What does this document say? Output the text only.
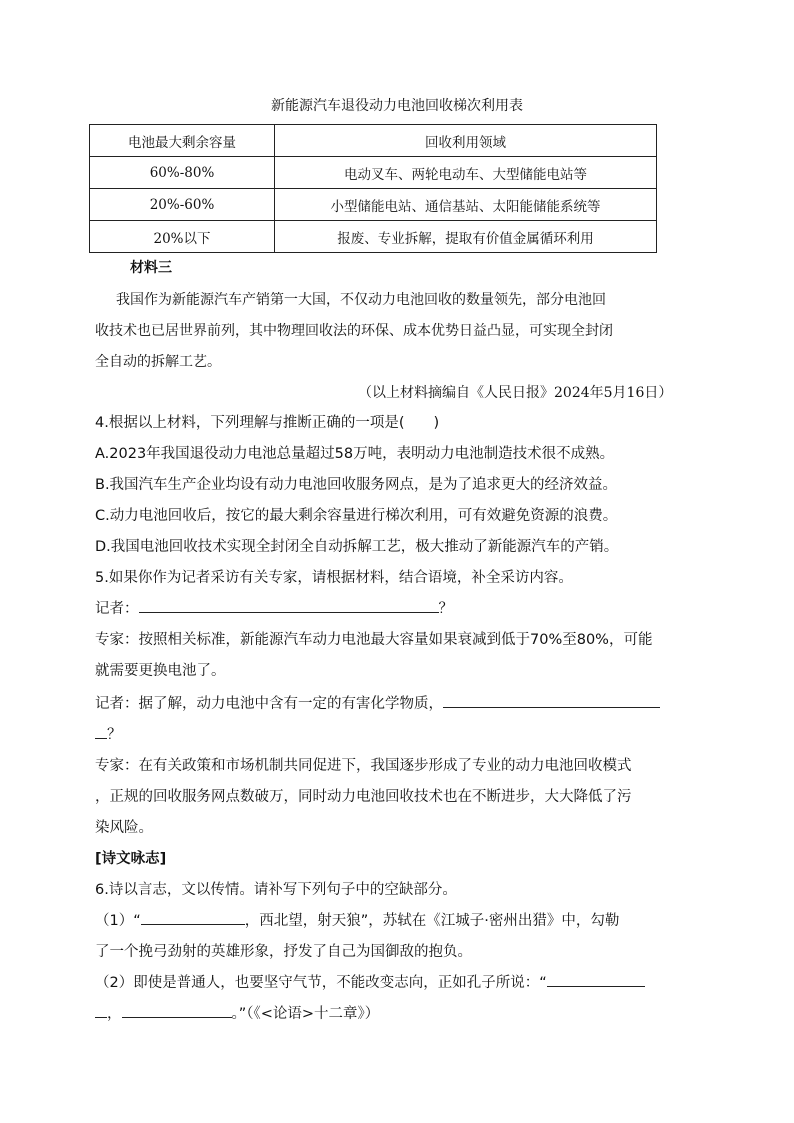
新能源汽车退役动力电池回收梯次利用表
电池最大剩余容量	回收利用领域
60%-80%	电动叉车、两轮电动车、大型储能电站等
20%-60%	小型储能电站、通信基站、太阳能储能系统等
20%以下	报废、专业拆解，提取有价值金属循环利用
材料三
我国作为新能源汽车产销第一大国，不仅动力电池回收的数量领先，部分电池回
收技术也已居世界前列，其中物理回收法的环保、成本优势日益凸显，可实现全封闭
全自动的拆解工艺。
（以上材料摘编自《人民日报》2024年5月16日）
4.根据以上材料，下列理解与推断正确的一项是(　　)
A.2023年我国退役动力电池总量超过58万吨，表明动力电池制造技术很不成熟。
B.我国汽车生产企业均设有动力电池回收服务网点，是为了追求更大的经济效益。
C.动力电池回收后，按它的最大剩余容量进行梯次利用，可有效避免资源的浪费。
D.我国电池回收技术实现全封闭全自动拆解工艺，极大推动了新能源汽车的产销。
5.如果你作为记者采访有关专家，请根据材料，结合语境，补全采访内容。
记者：	？
专家：按照相关标准，新能源汽车动力电池最大容量如果衰减到低于70%至80%，可能
就需要更换电池了。
记者：据了解，动力电池中含有一定的有害化学物质，
？
专家：在有关政策和市场机制共同促进下，我国逐步形成了专业的动力电池回收模式
，正规的回收服务网点数破万，同时动力电池回收技术也在不断进步，大大降低了污
染风险。
[诗文咏志]
6.诗以言志，文以传情。请补写下列句子中的空缺部分。
（1）“	，西北望，射天狼”，苏轼在《江城子·密州出猎》中，勾勒
了一个挽弓劲射的英雄形象，抒发了自己为国御敌的抱负。
（2）即使是普通人，也要坚守气节，不能改变志向，正如孔子所说：“
，	。”（《<论语>十二章》）
